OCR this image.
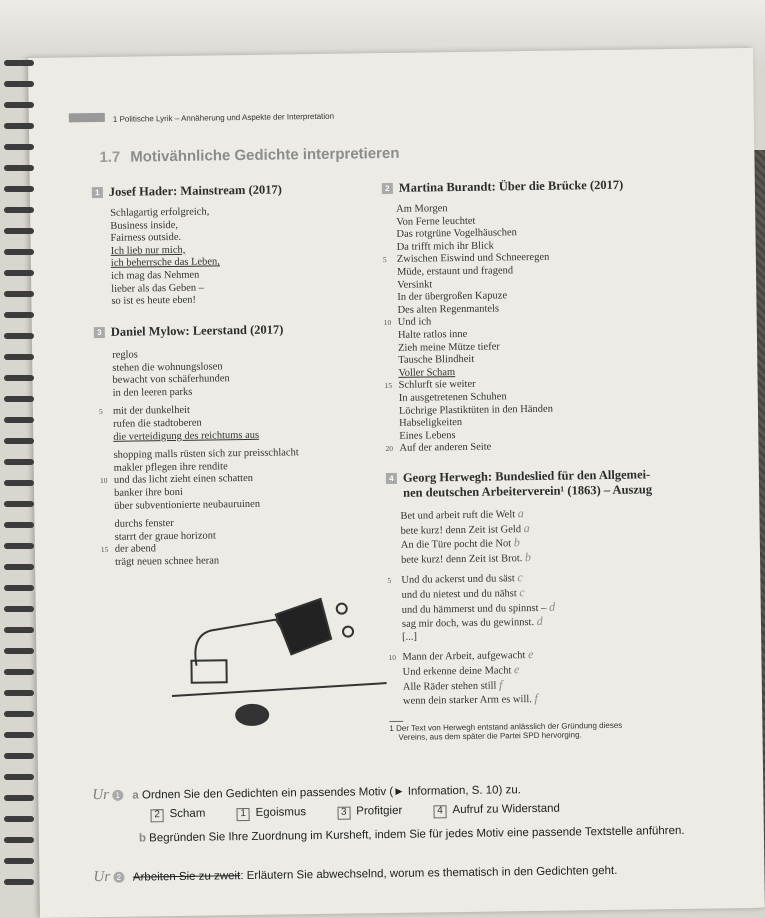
1 Politische Lyrik – Annäherung und Aspekte der Interpretation
1.7 Motivähnliche Gedichte interpretieren
1 Josef Hader: Mainstream (2017)
Schlagartig erfolgreich,
Business inside,
Fairness outside.
Ich lieb nur mich,
ich beherrsche das Leben,
ich mag das Nehmen
lieber als das Geben –
so ist es heute eben!
3 Daniel Mylow: Leerstand (2017)
reglos
stehen die wohnungslosen
bewacht von schäferhunden
in den leeren parks
5 mit der dunkelheit
rufen die stadtoberen
die verteidigung des reichtums aus
shopping malls rüsten sich zur preisschlacht
makler pflegen ihre rendite
10 und das licht zieht einen schatten
banker ihre boni
über subventionierte neubauruinen
durchs fenster
starrt der graue horizont
15 der abend
trägt neuen schnee heran
2 Martina Burandt: Über die Brücke (2017)
Am Morgen
Von Ferne leuchtet
Das rotgrüne Vogelhäuschen
Da trifft mich ihr Blick
5 Zwischen Eiswind und Schneeregen
Müde, erstaunt und fragend
Versinkt
In der übergroßen Kapuze
Des alten Regenmantels
10 Und ich
Halte ratlos inne
Zieh meine Mütze tiefer
Tausche Blindheit
Voller Scham
15 Schlurft sie weiter
In ausgetretenen Schuhen
Löchrige Plastiktüten in den Händen
Habseligkeiten
Eines Lebens
20 Auf der anderen Seite
4 Georg Herwegh: Bundeslied für den Allgemei-
nen deutschen Arbeiterverein¹ (1863) – Auszug
Bet und arbeit ruft die Welt a
bete kurz! denn Zeit ist Geld a
An die Türe pocht die Not b
bete kurz! denn Zeit ist Brot. b
5 Und du ackerst und du säst c
und du nietest und du nähst c
und du hämmerst und du spinnst – d
sag mir doch, was du gewinnst. d
[...]
10 Mann der Arbeit, aufgewacht e
Und erkenne deine Macht e
Alle Räder stehen still f
wenn dein starker Arm es will. f
1 Der Text von Herwegh entstand anlässlich der Gründung dieses
Vereins, aus dem später die Partei SPD hervorging.
Ur 1 a Ordnen Sie den Gedichten ein passendes Motiv (► Information, S. 10) zu.
2 Scham	1 Egoismus	3 Profitgier	4 Aufruf zu Widerstand
b Begründen Sie Ihre Zuordnung im Kursheft, indem Sie für jedes Motiv eine passende Textstelle anführen.
Ur 2 Arbeiten Sie zu zweit: Erläutern Sie abwechselnd, worum es thematisch in den Gedichten geht.
